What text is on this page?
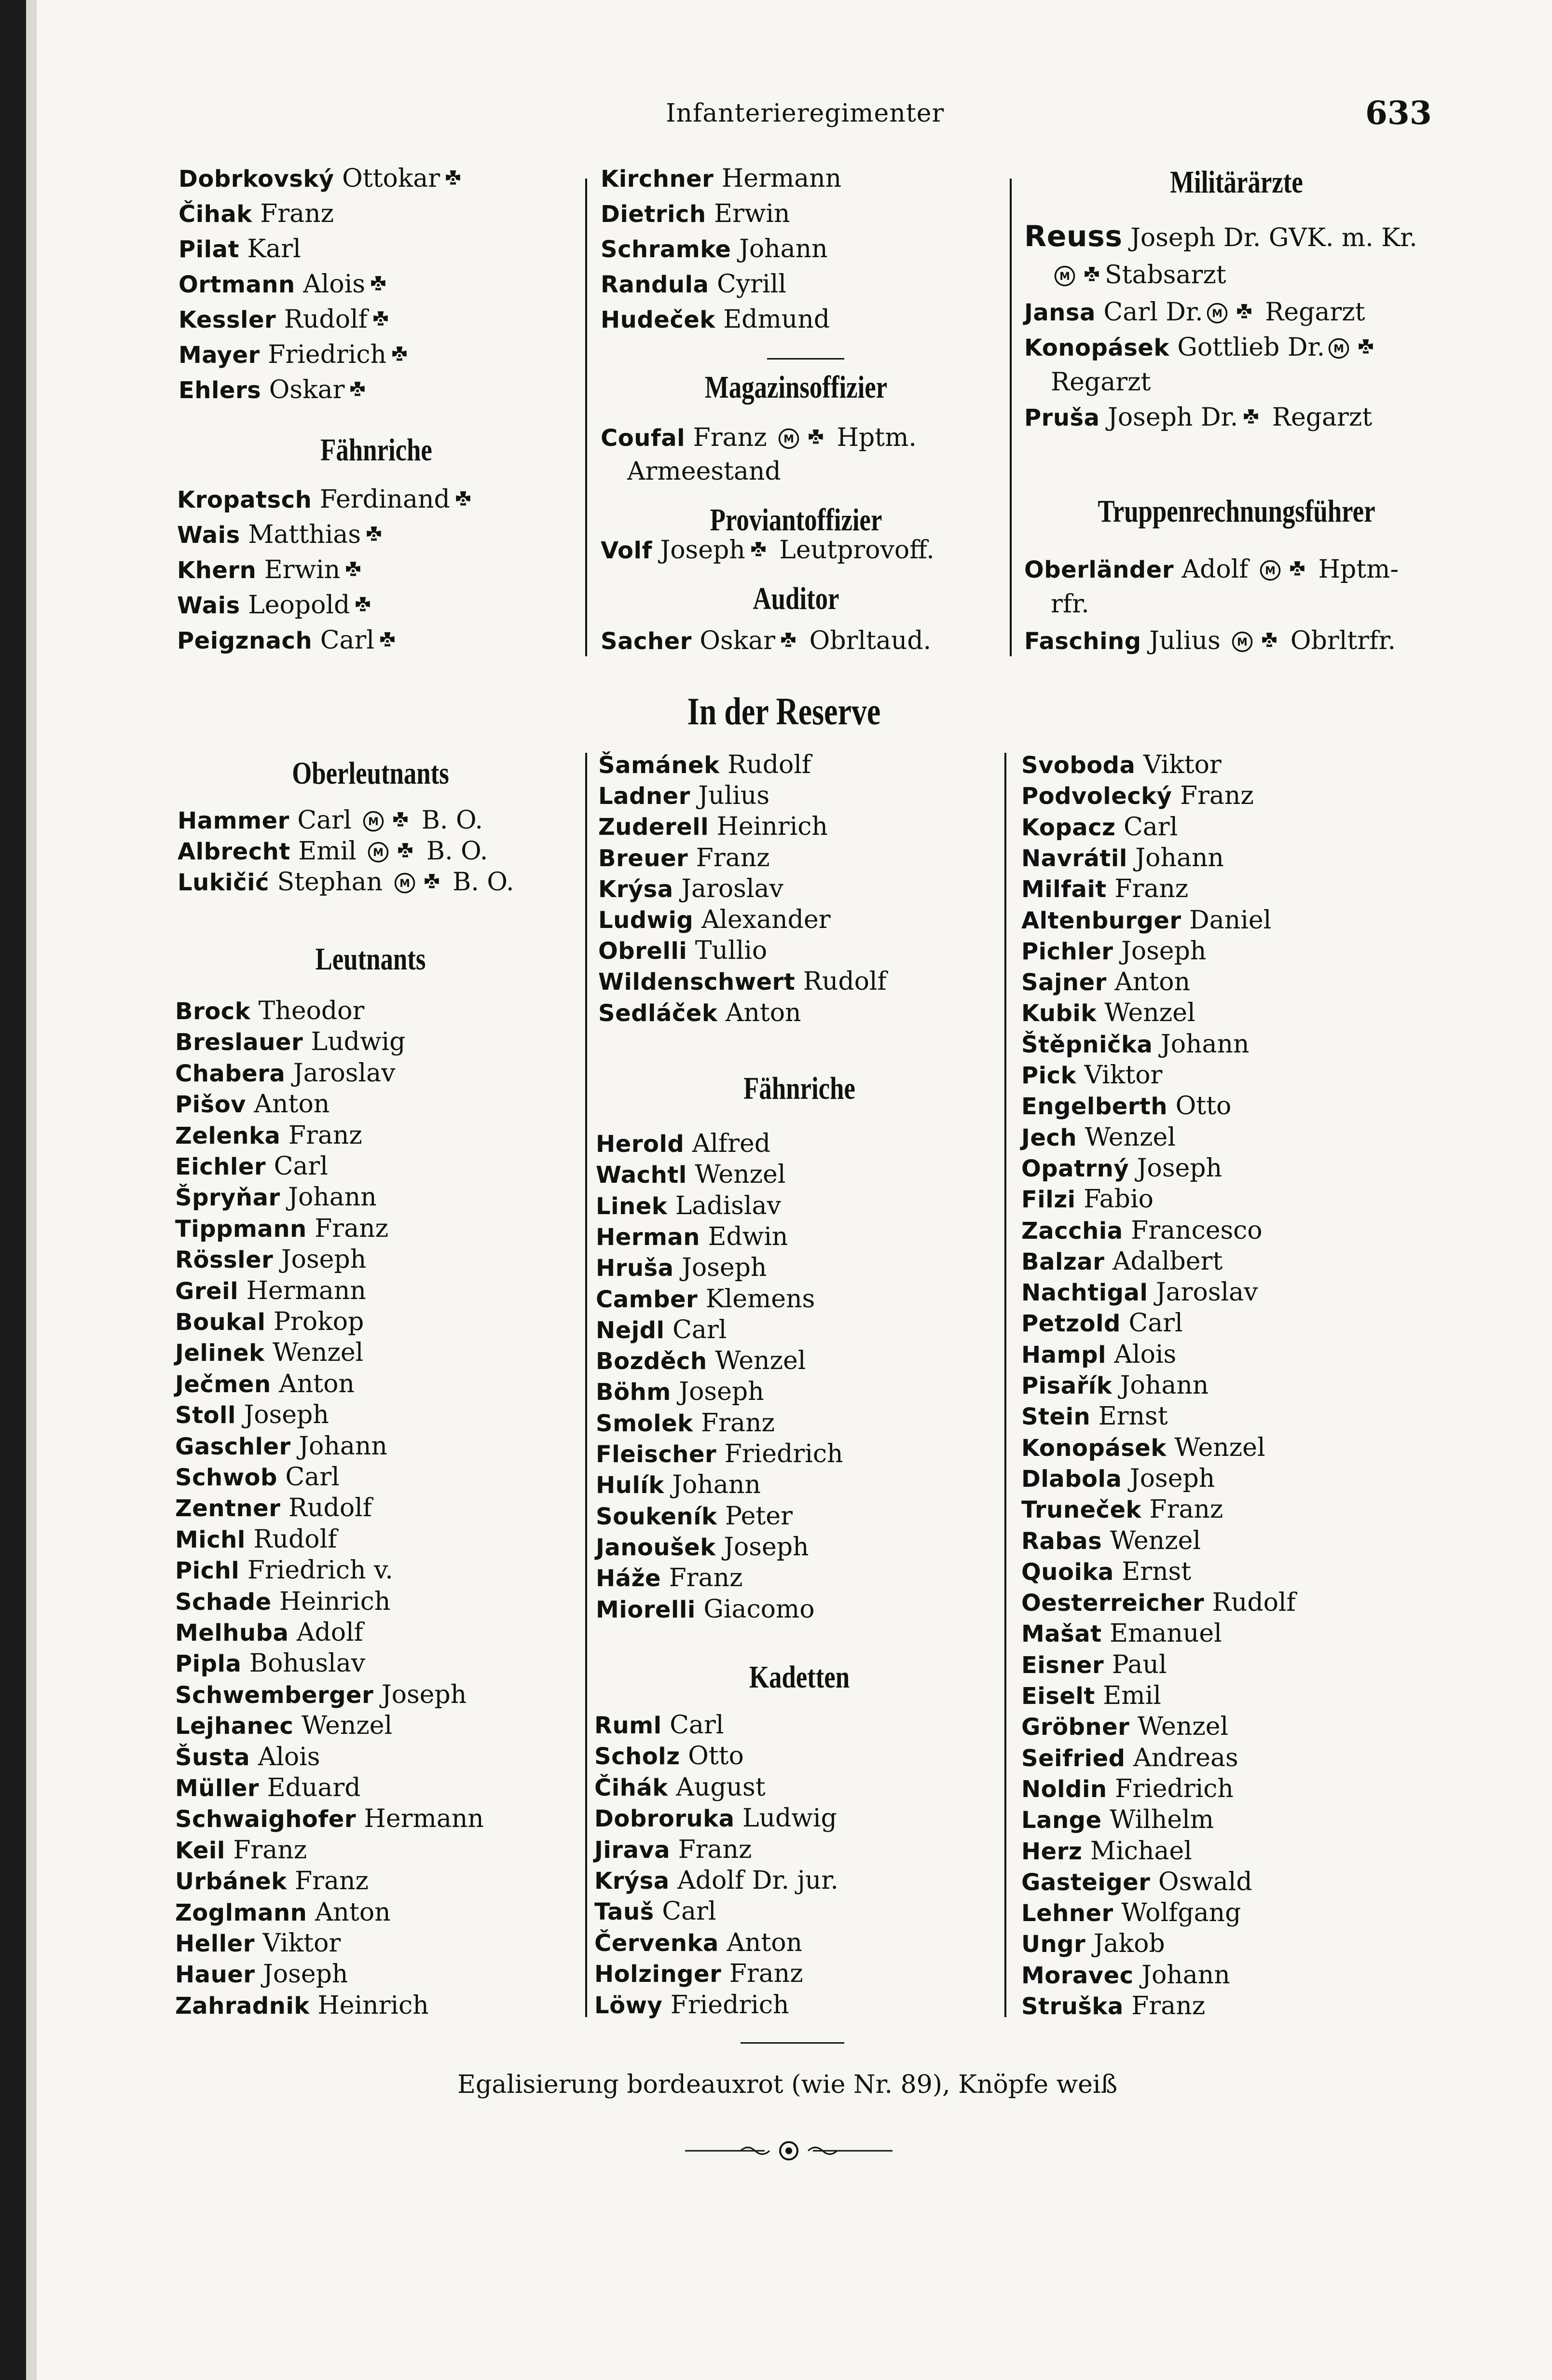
Infanterieregimenter	633
Dobrkovský Ottokar
Čihak Franz
Pilat Karl
Ortmann Alois
Kessler Rudolf
Mayer Friedrich
Ehlers Oskar
Fähnriche
Kropatsch Ferdinand
Wais Matthias
Khern Erwin
Wais Leopold
Peigznach Carl
Kirchner Hermann
Dietrich Erwin
Schramke Johann
Randula Cyrill
Hudeček Edmund
Magazinsoffizier
Coufal Franz M Hptm.
Armeestand
Proviantoffizier
Volf Joseph Leutprovoff.
Auditor
Sacher Oskar Obrltaud.
Militärärzte
Reuss Joseph Dr. GVK. m. Kr.
M Stabsarzt
Jansa Carl Dr. M Regarzt
Konopásek Gottlieb Dr. M
Regarzt
Pruša Joseph Dr. Regarzt
Truppenrechnungsführer
Oberländer Adolf M Hptm-
rfr.
Fasching Julius M Obrltrfr.
In der Reserve
Oberleutnants
Hammer Carl M B. O.
Albrecht Emil M B. O.
Lukičić Stephan M B. O.
Leutnants
Brock Theodor
Breslauer Ludwig
Chabera Jaroslav
Pišov Anton
Zelenka Franz
Eichler Carl
Špryňar Johann
Tippmann Franz
Rössler Joseph
Greil Hermann
Boukal Prokop
Jelinek Wenzel
Ječmen Anton
Stoll Joseph
Gaschler Johann
Schwob Carl
Zentner Rudolf
Michl Rudolf
Pichl Friedrich v.
Schade Heinrich
Melhuba Adolf
Pipla Bohuslav
Schwemberger Joseph
Lejhanec Wenzel
Šusta Alois
Müller Eduard
Schwaighofer Hermann
Keil Franz
Urbánek Franz
Zoglmann Anton
Heller Viktor
Hauer Joseph
Zahradnik Heinrich
Šamánek Rudolf
Ladner Julius
Zuderell Heinrich
Breuer Franz
Krýsa Jaroslav
Ludwig Alexander
Obrelli Tullio
Wildenschwert Rudolf
Sedláček Anton
Fähnriche
Herold Alfred
Wachtl Wenzel
Linek Ladislav
Herman Edwin
Hruša Joseph
Camber Klemens
Nejdl Carl
Bozděch Wenzel
Böhm Joseph
Smolek Franz
Fleischer Friedrich
Hulík Johann
Soukeník Peter
Janoušek Joseph
Háže Franz
Miorelli Giacomo
Kadetten
Ruml Carl
Scholz Otto
Čihák August
Dobroruka Ludwig
Jirava Franz
Krýsa Adolf Dr. jur.
Tauš Carl
Červenka Anton
Holzinger Franz
Löwy Friedrich
Svoboda Viktor
Podvolecký Franz
Kopacz Carl
Navrátil Johann
Milfait Franz
Altenburger Daniel
Pichler Joseph
Sajner Anton
Kubik Wenzel
Štěpnička Johann
Pick Viktor
Engelberth Otto
Jech Wenzel
Opatrný Joseph
Filzi Fabio
Zacchia Francesco
Balzar Adalbert
Nachtigal Jaroslav
Petzold Carl
Hampl Alois
Pisařík Johann
Stein Ernst
Konopásek Wenzel
Dlabola Joseph
Truneček Franz
Rabas Wenzel
Quoika Ernst
Oesterreicher Rudolf
Mašat Emanuel
Eisner Paul
Eiselt Emil
Gröbner Wenzel
Seifried Andreas
Noldin Friedrich
Lange Wilhelm
Herz Michael
Gasteiger Oswald
Lehner Wolfgang
Ungr Jakob
Moravec Johann
Struška Franz
Egalisierung bordeauxrot (wie Nr. 89), Knöpfe weiß
